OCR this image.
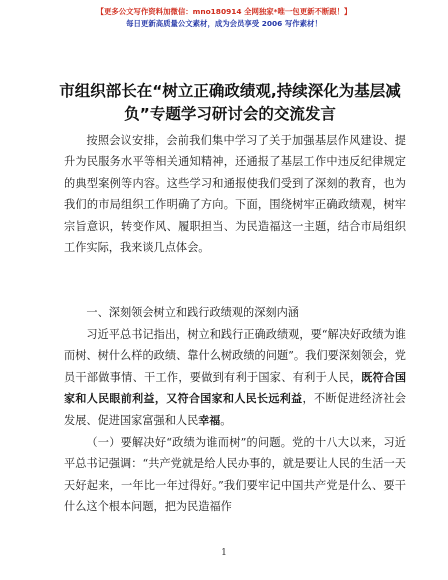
【更多公文写作资料加微信：mno180914 全网独家*唯一包更新不断跟！】
每日更新高质量公文素材，成为会员享受 2006 写作素材！
市组织部长在“树立正确政绩观,持续深化为基层减负”专题学习研讨会的交流发言
按照会议安排，会前我们集中学习了关于加强基层作风建设、提升为民服务水平等相关通知精神，还通报了基层工作中违反纪律规定的典型案例等内容。这些学习和通报使我们受到了深刻的教育，也为我们的市局组织工作明确了方向。下面，围绕树牢正确政绩观，树牢宗旨意识，转变作风、履职担当、为民造福这一主题，结合市局组织工作实际，我来谈几点体会。
一、深刻领会树立和践行政绩观的深刻内涵
习近平总书记指出，树立和践行正确政绩观，要“解决好政绩为谁而树、树什么样的政绩、靠什么树政绩的问题”。我们要深刻领会，党员干部做事情、干工作，要做到有利于国家、有利于人民，既符合国家和人民眼前利益，又符合国家和人民长远利益，不断促进经济社会发展、促进国家富强和人民幸福。
（一）要解决好“政绩为谁而树”的问题。党的十八大以来，习近平总书记强调：“共产党就是给人民办事的，就是要让人民的生活一天天好起来，一年比一年过得好。”我们要牢记中国共产党是什么、要干什么这个根本问题，把为民造福作
1
